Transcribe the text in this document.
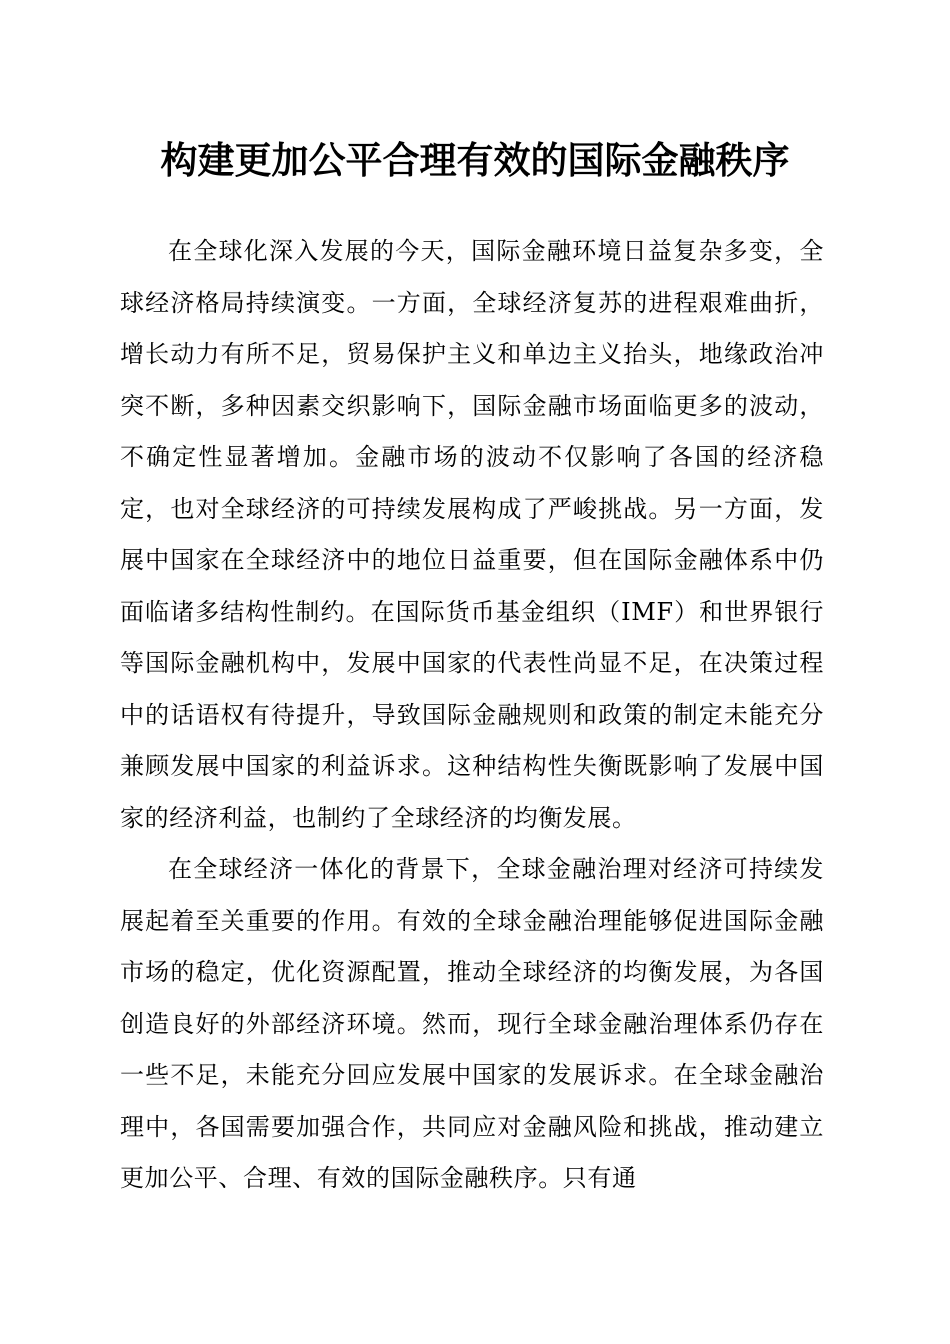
构建更加公平合理有效的国际金融秩序

在全球化深入发展的今天，国际金融环境日益复杂多变，全球经济格局持续演变。一方面，全球经济复苏的进程艰难曲折，增长动力有所不足，贸易保护主义和单边主义抬头，地缘政治冲突不断，多种因素交织影响下，国际金融市场面临更多的波动，不确定性显著增加。金融市场的波动不仅影响了各国的经济稳定，也对全球经济的可持续发展构成了严峻挑战。另一方面，发展中国家在全球经济中的地位日益重要，但在国际金融体系中仍面临诸多结构性制约。在国际货币基金组织（IMF）和世界银行等国际金融机构中，发展中国家的代表性尚显不足，在决策过程中的话语权有待提升，导致国际金融规则和政策的制定未能充分兼顾发展中国家的利益诉求。这种结构性失衡既影响了发展中国家的经济利益，也制约了全球经济的均衡发展。

在全球经济一体化的背景下，全球金融治理对经济可持续发展起着至关重要的作用。有效的全球金融治理能够促进国际金融市场的稳定，优化资源配置，推动全球经济的均衡发展，为各国创造良好的外部经济环境。然而，现行全球金融治理体系仍存在一些不足，未能充分回应发展中国家的发展诉求。在全球金融治理中，各国需要加强合作，共同应对金融风险和挑战，推动建立更加公平、合理、有效的国际金融秩序。只有通
